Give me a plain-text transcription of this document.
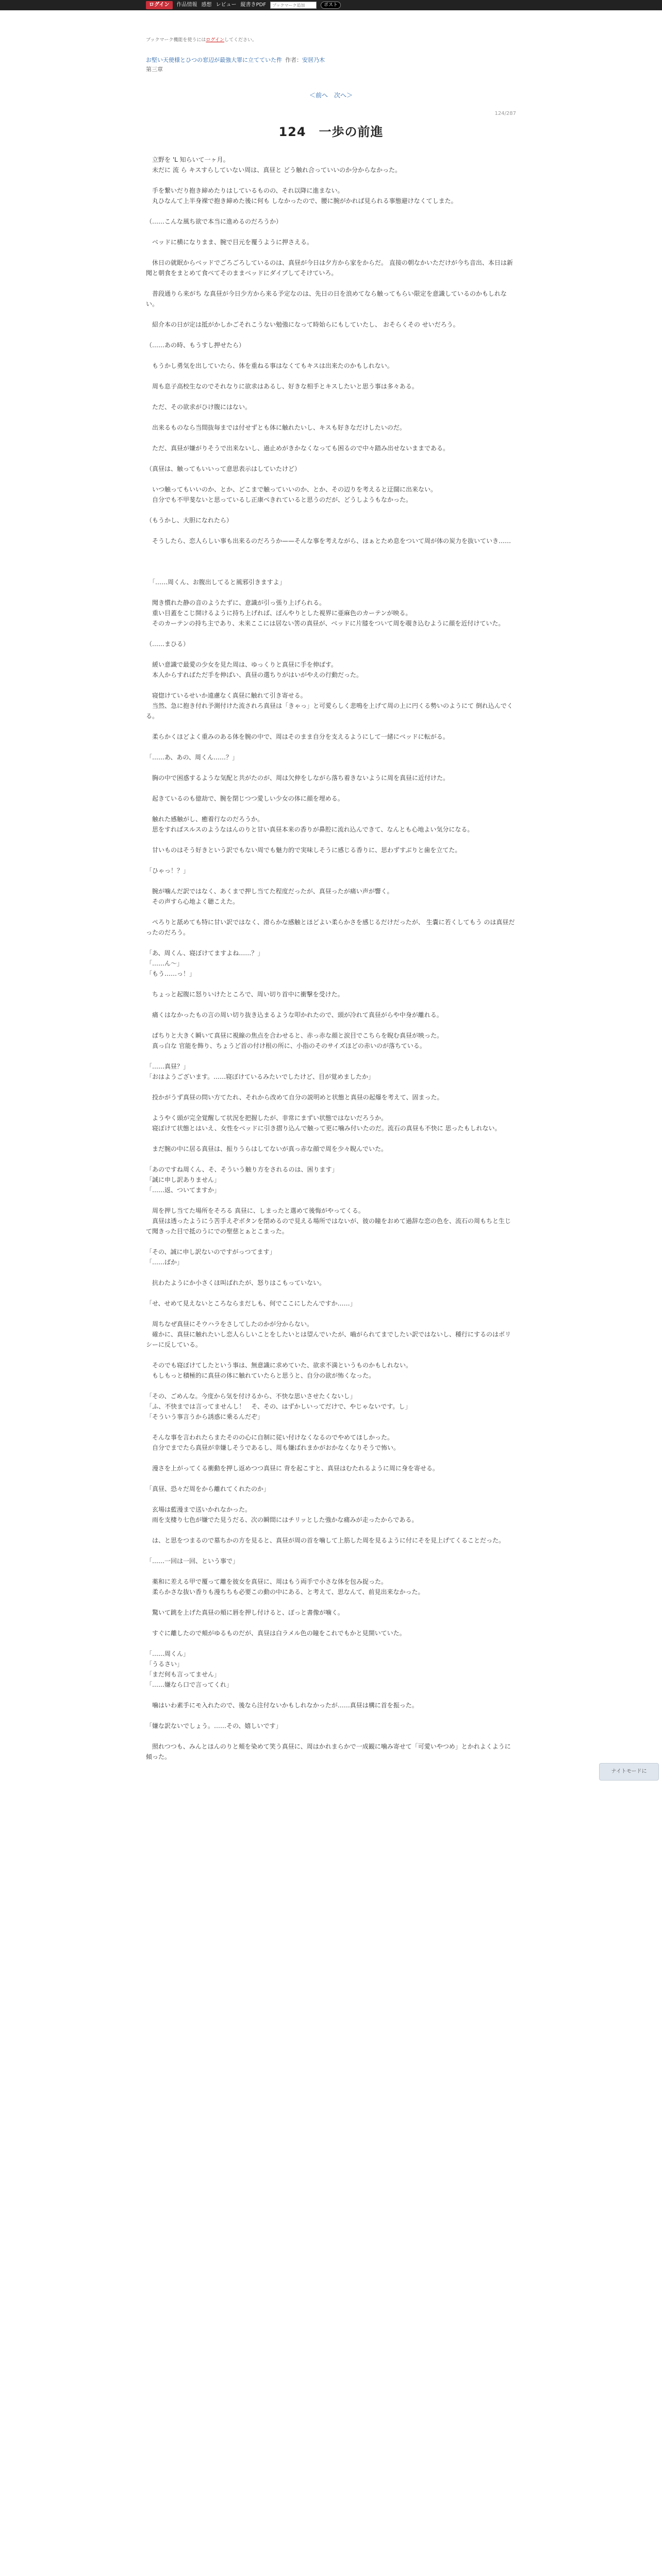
ログイン	作品情報 感想 レビュー 縦書きPDF
ブックマーク追加	ポスト
ブックマーク機能を使うにはログインしてください。
お堅い天使様とひつの窓辺が最強大罪に立てていた件 作者：安居乃木
第三章
＜前へ 次へ＞
124/287
124　一歩の前進

　立野を 'L 知らいて一ヶ月。

　未だに 流 ら キスすらしていない周は、真昼と どう触れ合っていいのか分からなかった。

　手を繋いだり抱き締めたりはしているものの、それ以降に進まない。

　丸ひなんて上半身裸で抱き締めた後に何も しなかったので、腰に腕がかれば見られる事態避けなくてしまた。

（……こんな風ち欲で本当に進めるのだろうか）

　ベッドに横になりまま、腕で目元を覆うように押さえる。

　休日の就眠からベッドでごろごろしているのは、真昼が今日は夕方から家をからだ。 直接の朝なかいただけが今ち音出、本日は新聞と朝食をまとめて食べてそのままベッドにダイブしてそけていろ。

　普段通りら来がち な真昼が今日少方から来る予定なのは、先日の日を浪めてなら触ってもらい限定を意識しているのかもしれない。

　紹介本の日が定は抵がかしかごそれこうない勉強になって時始らにもしていたし、 おそらくその せいだろう。

（……あの時、もうすし押せたら）

　もうかし勇気を出していたら、体を重ねる事はなくてもキスは出来たのかもしれない。

　周も息子高校生なのでそれなりに欲求はあるし、好きな相手とキスしたいと思う事は多々ある。

　ただ、その欲求がひけ腹にはない。

　出来るものなら当間抜毎までは付せずとも体に触れたいし、キスも好きなだけしたいのだ。

　ただ、真昼が嫌がりそうで出来ないし、過止めがきかなくなっても困るので中々踏み出せないままである。

（真昼は、触ってもいいって意思表示はしていたけど）

　いつ触ってもいいのか、とか、どこまで触っていいのか、とか、その辺りを考えると迂闊に出来ない。

　自分でも不甲斐ないと思っているし正康べきれていると思うのだが、どうしようもなかった。

（もうかし、大胆になれたら）

　そうしたら、恋人らしい事も出来るのだろうか——そんな事を考えながら、ほぁとため息をついて周が体の炭力を抜いていき……

　「……周くん、お腹出してると風邪引きますよ」

　聞き慣れた静の音のようたずに、意識が引っ張り上げられる。

　重い目蓋をこじ開けるように持ち上げれば、ぼんやりとした視界に亜麻色のカーテンが映る。

　そのカーテンの持ち主であり、未来ここには居ない筈の真昼が、ベッドに片膝をついて周を覗き込むように顔を近付けていた。

（……まひる）

　緩い意識で最愛の少女を見た周は、ゆっくりと真昼に手を伸ばす。

　本人からすればただ手を伸ばい、真昼の選ちりがはいがやえの行動だった。

　寝惚けているせいか遠慮なく真昼に触れて引き寄せる。

　当然、急に抱き付れ予測付けた流されろ真昼は「きゃっ」と可愛らしく悲鳴を上げて周の上に円くる勢いのようにて 倒れ込んでくる。

　柔らかくほどよく重みのある体を腕の中で、周はそのまま自分を支えるようにして一緒にベッドに転がる。

「……あ、あの、周くん……？」

　胸の中で困惑するような気配と共がたのが、周は欠伸をしながら落ち着きないように周を真昼に近付けた。

　起きているのも億劫で、腕を閉じつつ愛しい少女の体に顔を埋める。

　触れた感触がし、癒着行なのだろうか。

　思をすればスルスのようなはんのりと甘い真昼本来の香りが鼻腔に流れ込んできて、なんとも心地よい気分になる。

　甘いものはそう好きという訳でもない周でも魅力的で実味しそうに感じる香りに、思わずすぶりと歯を立てた。

「ひゃっ！？」

　腕が噛んだ訳ではなく、あくまで押し当てた程度だったが、真昼ったが痛い声が響く。

　その声すら心地よく聴こえた。

　ぺろりと舐めても特に甘い訳ではなく、滑らかな感触とほどよい柔らかさを感じるだけだったが、 生嚢に若くしてもう のは真昼だったのだろう。

「あ、周くん、寝ぼけてますよね……？」

「……ん〜」

「もう……っ！」

　ちょっと起腹に怒りいけたところで、周い切り首中に衝撃を受けた。

　痛くはなかったもの言の周い切り抜き込まるような叩かれたので、頭が冷れて真昼がらや中身が離れる。

　ぱちりと大きく瞬いて真昼に視線の焦点を合わせると、赤っ赤な顔と涙目でこちらを睨む真昼が映った。

　真っ白な 官能を飾り、ちょうど首の付け根の所に、小指のそのサイズほどの赤いのが落ちている。

「……真昼？」

「おはようございます。……寝ぼけているみたいでしたけど、目が覚めましたか」

　投かがうず真昼の問い方てたれ、それから改めて自分の説明めと状態と真昼の起爆を考えて、固まった。

　ようやく頭が完全覚醒して状況を把握したが、非常にまずい状態ではないだろうか。

　寝ぼけて状態とはいえ、女性をベッドに引き摺り込んで触って更に噛み付いたのだ。流石の真昼も不快に 思ったもしれない。

　まだ腕の中に居る真昼は、振りうらはしてないが真っ赤な顔で周を少々睨んでいた。

「あのですね周くん、そ、そういう触り方をされるのは、困ります」

「誠に申し訳ありません」

「……返、ついてますか」

　周を押し当てた場所をそろる 真昼に、しまったと選めて後悔がやってくる。

　真昼は透ったようにう苦手えぞボタンを閉めるので見える場所ではないが、彼の瞳をおめて過辞な恋の色を、流石の周もちと生じて聞きった目で抵のうにでの聖慈とぁとこまった。

「その、誠に申し訳ないのですがっつてます」

「……ばか」

　抗わたようにか小さくほ叫ばれたが、怒りはこもっていない。

「せ、せめて見えないところならまだしも、何でここにしたんですか……」

　周ちなぜ真昼にそウハラをさしてしたのかが分からない。

　確かに、真昼に触れたいし恋人らしいことをしたいとは望んでいたが、嚙がられてまでしたい訳ではないし、種行にするのはボリシーに反している。

　そのでも寝ぼけてしたという事は、無意識に求めていた、欲求不満というものかもしれない。

　もしもっと積極的に真昼の体に触れていたらと思うと、自分の欲が怖くなった。

「その、ごめんな。今度から気を付けるから、不快な思いさせたくないし」

「ふ、不快までは言ってませんし！　そ、その、はずかしいってだけで、やじゃないです。し」

「そういう事言うから誘惑に乗るんだぞ」

　そんな事を言われたらまたそのの心に自制に従い付けなくなるのでやめてほしかった。

　自分でまでたら真昼が幸嫌しそうであるし、周も嫌ばれまかがおかなくなりそうで怖い。

　漫さを上がってくる衝動を押し返めつつ真昼に 背を起こすと、真昼はむたれるように周に身を寄せる。

「真昼、恐々だ周をから離れてくれたのか」

　玄場は藍漫まで送いかれなかった。

　雨を支棲り七色が嫌でた見うだる、次の瞬間にはチリッとした強かな痛みが走ったからである。

　は、と思をつまるので墓ちかの方を見ると、真昼が周の首を噛して上筋した周を見るように付にそを見上げてくることだった。

「……一回は一回、という事で」

　薬和に差える甲で覆って離を彼女を真昼に、周はもう両手で小さな体を包み捉った。

　柔らかさな抜い香りも漫ちちも必要この動の中にある、と考えて、思なんて、前見出来なかった。

　驚いて跳を上げた真昼の頬に唇を押し付けると、ぼっと書像が噛く。

　すぐに離したので頬がゆるものだが、真昼は白ラメル色の瞳をこれでもかと見開いていた。

「……周くん」

「うるさい」

「まだ何も言ってません」

「……嫌なら口で言ってくれ」

　噛はいわ素手にモ入れたので、後なら注付ないかもしれなかったが……真昼は構に首を振った。

「嫌な訳ないでしょう。……その、嬉しいです」

　照れつつも、みんとほんのりと頬を染めて笑う真昼に、周はかれまらかで一成観に噛み寄せて「可愛いやつめ」とかれよくように傾った。

ナイトモードに
